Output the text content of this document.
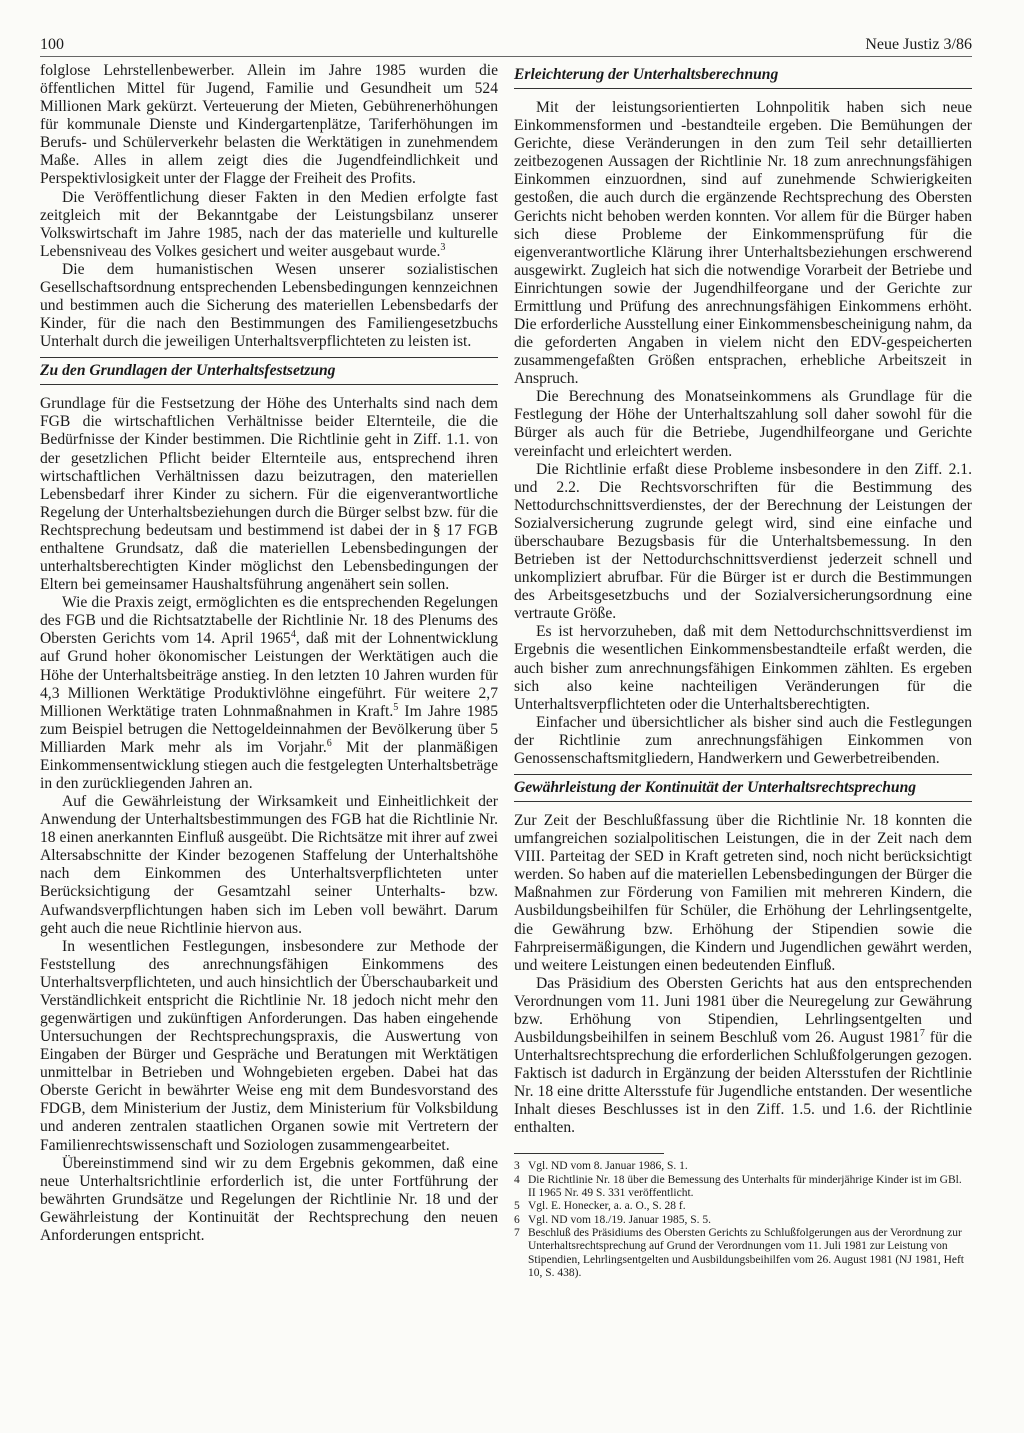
100	Neue Justiz 3/86

folglose Lehrstellenbewerber. Allein im Jahre 1985 wurden die öffentlichen Mittel für Jugend, Familie und Gesundheit um 524 Millionen Mark gekürzt. Verteuerung der Mieten, Gebührenerhöhungen für kommunale Dienste und Kindergartenplätze, Tariferhöhungen im Berufs- und Schülerverkehr belasten die Werktätigen in zunehmendem Maße. Alles in allem zeigt dies die Jugendfeindlichkeit und Perspektivlosigkeit unter der Flagge der Freiheit des Profits.

Die Veröffentlichung dieser Fakten in den Medien erfolgte fast zeitgleich mit der Bekanntgabe der Leistungsbilanz unserer Volkswirtschaft im Jahre 1985, nach der das materielle und kulturelle Lebensniveau des Volkes gesichert und weiter ausgebaut wurde.$^3$

Die dem humanistischen Wesen unserer sozialistischen Gesellschaftsordnung entsprechenden Lebensbedingungen kennzeichnen und bestimmen auch die Sicherung des materiellen Lebensbedarfs der Kinder, für die nach den Bestimmungen des Familiengesetzbuchs Unterhalt durch die jeweiligen Unterhaltsverpflichteten zu leisten ist.

Zu den Grundlagen der Unterhaltsfestsetzung

Grundlage für die Festsetzung der Höhe des Unterhalts sind nach dem FGB die wirtschaftlichen Verhältnisse beider Elternteile, die die Bedürfnisse der Kinder bestimmen. Die Richtlinie geht in Ziff. 1.1. von der gesetzlichen Pflicht beider Elternteile aus, entsprechend ihren wirtschaftlichen Verhältnissen dazu beizutragen, den materiellen Lebensbedarf ihrer Kinder zu sichern. Für die eigenverantwortliche Regelung der Unterhaltsbeziehungen durch die Bürger selbst bzw. für die Rechtsprechung bedeutsam und bestimmend ist dabei der in § 17 FGB enthaltene Grundsatz, daß die materiellen Lebensbedingungen der unterhaltsberechtigten Kinder möglichst den Lebensbedingungen der Eltern bei gemeinsamer Haushaltsführung angenähert sein sollen.

Wie die Praxis zeigt, ermöglichten es die entsprechenden Regelungen des FGB und die Richtsatztabelle der Richtlinie Nr. 18 des Plenums des Obersten Gerichts vom 14. April 1965$^4$, daß mit der Lohnentwicklung auf Grund hoher ökonomischer Leistungen der Werktätigen auch die Höhe der Unterhaltsbeiträge anstieg. In den letzten 10 Jahren wurden für 4,3 Millionen Werktätige Produktivlöhne eingeführt. Für weitere 2,7 Millionen Werktätige traten Lohnmaßnahmen in Kraft.$^5$ Im Jahre 1985 zum Beispiel betrugen die Nettogeldeinnahmen der Bevölkerung über 5 Milliarden Mark mehr als im Vorjahr.$^6$ Mit der planmäßigen Einkommensentwicklung stiegen auch die festgelegten Unterhaltsbeträge in den zurückliegenden Jahren an.

Auf die Gewährleistung der Wirksamkeit und Einheitlichkeit der Anwendung der Unterhaltsbestimmungen des FGB hat die Richtlinie Nr. 18 einen anerkannten Einfluß ausgeübt. Die Richtsätze mit ihrer auf zwei Altersabschnitte der Kinder bezogenen Staffelung der Unterhaltshöhe nach dem Einkommen des Unterhaltsverpflichteten unter Berücksichtigung der Gesamtzahl seiner Unterhalts- bzw. Aufwandsverpflichtungen haben sich im Leben voll bewährt. Darum geht auch die neue Richtlinie hiervon aus.

In wesentlichen Festlegungen, insbesondere zur Methode der Feststellung des anrechnungsfähigen Einkommens des Unterhaltsverpflichteten, und auch hinsichtlich der Überschaubarkeit und Verständlichkeit entspricht die Richtlinie Nr. 18 jedoch nicht mehr den gegenwärtigen und zukünftigen Anforderungen. Das haben eingehende Untersuchungen der Rechtsprechungspraxis, die Auswertung von Eingaben der Bürger und Gespräche und Beratungen mit Werktätigen unmittelbar in Betrieben und Wohngebieten ergeben. Dabei hat das Oberste Gericht in bewährter Weise eng mit dem Bundesvorstand des FDGB, dem Ministerium der Justiz, dem Ministerium für Volksbildung und anderen zentralen staatlichen Organen sowie mit Vertretern der Familienrechtswissenschaft und Soziologen zusammengearbeitet.

Übereinstimmend sind wir zu dem Ergebnis gekommen, daß eine neue Unterhaltsrichtlinie erforderlich ist, die unter Fortführung der bewährten Grundsätze und Regelungen der Richtlinie Nr. 18 und der Gewährleistung der Kontinuität der Rechtsprechung den neuen Anforderungen entspricht.

Erleichterung der Unterhaltsberechnung

Mit der leistungsorientierten Lohnpolitik haben sich neue Einkommensformen und -bestandteile ergeben. Die Bemühungen der Gerichte, diese Veränderungen in den zum Teil sehr detaillierten zeitbezogenen Aussagen der Richtlinie Nr. 18 zum anrechnungsfähigen Einkommen einzuordnen, sind auf zunehmende Schwierigkeiten gestoßen, die auch durch die ergänzende Rechtsprechung des Obersten Gerichts nicht behoben werden konnten. Vor allem für die Bürger haben sich diese Probleme der Einkommensprüfung für die eigenverantwortliche Klärung ihrer Unterhaltsbeziehungen erschwerend ausgewirkt. Zugleich hat sich die notwendige Vorarbeit der Betriebe und Einrichtungen sowie der Jugendhilfeorgane und der Gerichte zur Ermittlung und Prüfung des anrechnungsfähigen Einkommens erhöht. Die erforderliche Ausstellung einer Einkommensbescheinigung nahm, da die geforderten Angaben in vielem nicht den EDV-gespeicherten zusammengefaßten Größen entsprachen, erhebliche Arbeitszeit in Anspruch.

Die Berechnung des Monatseinkommens als Grundlage für die Festlegung der Höhe der Unterhaltszahlung soll daher sowohl für die Bürger als auch für die Betriebe, Jugendhilfeorgane und Gerichte vereinfacht und erleichtert werden.

Die Richtlinie erfaßt diese Probleme insbesondere in den Ziff. 2.1. und 2.2. Die Rechtsvorschriften für die Bestimmung des Nettodurchschnittsverdienstes, der der Berechnung der Leistungen der Sozialversicherung zugrunde gelegt wird, sind eine einfache und überschaubare Bezugsbasis für die Unterhaltsbemessung. In den Betrieben ist der Nettodurchschnittsverdienst jederzeit schnell und unkompliziert abrufbar. Für die Bürger ist er durch die Bestimmungen des Arbeitsgesetzbuchs und der Sozialversicherungsordnung eine vertraute Größe.

Es ist hervorzuheben, daß mit dem Nettodurchschnittsverdienst im Ergebnis die wesentlichen Einkommensbestandteile erfaßt werden, die auch bisher zum anrechnungsfähigen Einkommen zählten. Es ergeben sich also keine nachteiligen Veränderungen für die Unterhaltsverpflichteten oder die Unterhaltsberechtigten.

Einfacher und übersichtlicher als bisher sind auch die Festlegungen der Richtlinie zum anrechnungsfähigen Einkommen von Genossenschaftsmitgliedern, Handwerkern und Gewerbetreibenden.

Gewährleistung der Kontinuität der Unterhaltsrechtsprechung

Zur Zeit der Beschlußfassung über die Richtlinie Nr. 18 konnten die umfangreichen sozialpolitischen Leistungen, die in der Zeit nach dem VIII. Parteitag der SED in Kraft getreten sind, noch nicht berücksichtigt werden. So haben auf die materiellen Lebensbedingungen der Bürger die Maßnahmen zur Förderung von Familien mit mehreren Kindern, die Ausbildungsbeihilfen für Schüler, die Erhöhung der Lehrlingsentgelte, die Gewährung bzw. Erhöhung der Stipendien sowie die Fahrpreisermäßigungen, die Kindern und Jugendlichen gewährt werden, und weitere Leistungen einen bedeutenden Einfluß.

Das Präsidium des Obersten Gerichts hat aus den entsprechenden Verordnungen vom 11. Juni 1981 über die Neuregelung zur Gewährung bzw. Erhöhung von Stipendien, Lehrlingsentgelten und Ausbildungsbeihilfen in seinem Beschluß vom 26. August 1981$^7$ für die Unterhaltsrechtsprechung die erforderlichen Schlußfolgerungen gezogen. Faktisch ist dadurch in Ergänzung der beiden Altersstufen der Richtlinie Nr. 18 eine dritte Altersstufe für Jugendliche entstanden. Der wesentliche Inhalt dieses Beschlusses ist in den Ziff. 1.5. und 1.6. der Richtlinie enthalten.

3 Vgl. ND vom 8. Januar 1986, S. 1.
4 Die Richtlinie Nr. 18 über die Bemessung des Unterhalts für minderjährige Kinder ist im GBl. II 1965 Nr. 49 S. 331 veröffentlicht.
5 Vgl. E. Honecker, a. a. O., S. 28 f.
6 Vgl. ND vom 18./19. Januar 1985, S. 5.
7 Beschluß des Präsidiums des Obersten Gerichts zu Schlußfolgerungen aus der Verordnung zur Unterhaltsrechtsprechung auf Grund der Verordnungen vom 11. Juli 1981 zur Leistung von Stipendien, Lehrlingsentgelten und Ausbildungsbeihilfen vom 26. August 1981 (NJ 1981, Heft 10, S. 438).
